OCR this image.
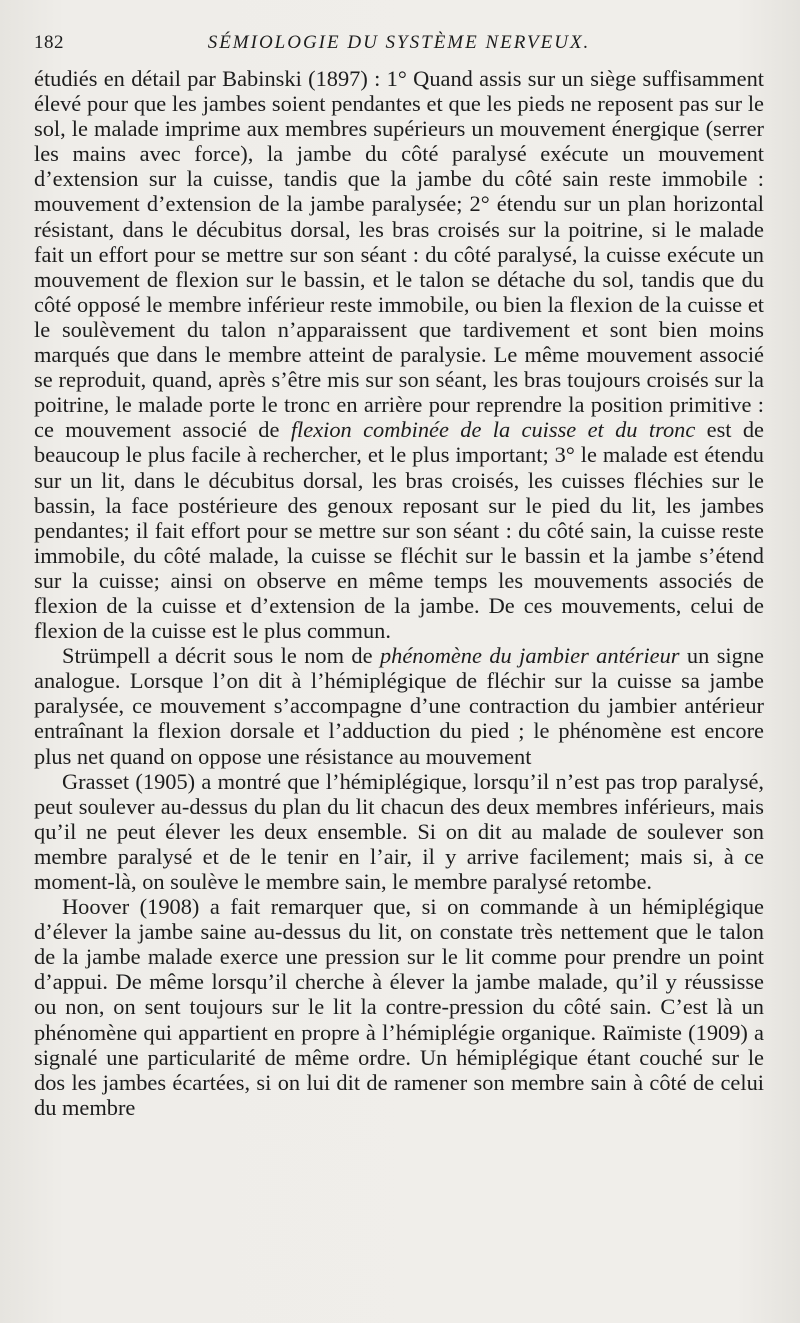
182	SÉMIOLOGIE DU SYSTÈME NERVEUX.

étudiés en détail par Babinski (1897) : 1° Quand assis sur un siège suffisamment élevé pour que les jambes soient pendantes et que les pieds ne reposent pas sur le sol, le malade imprime aux membres supérieurs un mouvement énergique (serrer les mains avec force), la jambe du côté paralysé exécute un mouvement d’extension sur la cuisse, tandis que la jambe du côté sain reste immobile : mouvement d’extension de la jambe paralysée; 2° étendu sur un plan horizontal résistant, dans le décubitus dorsal, les bras croisés sur la poitrine, si le malade fait un effort pour se mettre sur son séant : du côté paralysé, la cuisse exécute un mouvement de flexion sur le bassin, et le talon se détache du sol, tandis que du côté opposé le membre inférieur reste immobile, ou bien la flexion de la cuisse et le soulèvement du talon n’apparaissent que tardivement et sont bien moins marqués que dans le membre atteint de paralysie. Le même mouvement associé se reproduit, quand, après s’être mis sur son séant, les bras toujours croisés sur la poitrine, le malade porte le tronc en arrière pour reprendre la position primitive : ce mouvement associé de flexion combinée de la cuisse et du tronc est de beaucoup le plus facile à rechercher, et le plus important; 3° le malade est étendu sur un lit, dans le décubitus dorsal, les bras croisés, les cuisses fléchies sur le bassin, la face postérieure des genoux reposant sur le pied du lit, les jambes pendantes; il fait effort pour se mettre sur son séant : du côté sain, la cuisse reste immobile, du côté malade, la cuisse se fléchit sur le bassin et la jambe s’étend sur la cuisse; ainsi on observe en même temps les mouvements associés de flexion de la cuisse et d’extension de la jambe. De ces mouvements, celui de flexion de la cuisse est le plus commun.

Strümpell a décrit sous le nom de phénomène du jambier antérieur un signe analogue. Lorsque l’on dit à l’hémiplégique de fléchir sur la cuisse sa jambe paralysée, ce mouvement s’accompagne d’une contraction du jambier antérieur entraînant la flexion dorsale et l’adduction du pied ; le phénomène est encore plus net quand on oppose une résistance au mouvement

Grasset (1905) a montré que l’hémiplégique, lorsqu’il n’est pas trop paralysé, peut soulever au-dessus du plan du lit chacun des deux membres inférieurs, mais qu’il ne peut élever les deux ensemble. Si on dit au malade de soulever son membre paralysé et de le tenir en l’air, il y arrive facilement; mais si, à ce moment-là, on soulève le membre sain, le membre paralysé retombe.

Hoover (1908) a fait remarquer que, si on commande à un hémiplégique d’élever la jambe saine au-dessus du lit, on constate très nettement que le talon de la jambe malade exerce une pression sur le lit comme pour prendre un point d’appui. De même lorsqu’il cherche à élever la jambe malade, qu’il y réussisse ou non, on sent toujours sur le lit la contre-pression du côté sain. C’est là un phénomène qui appartient en propre à l’hémiplégie organique. Raïmiste (1909) a signalé une particularité de même ordre. Un hémiplégique étant couché sur le dos les jambes écartées, si on lui dit de ramener son membre sain à côté de celui du membre
